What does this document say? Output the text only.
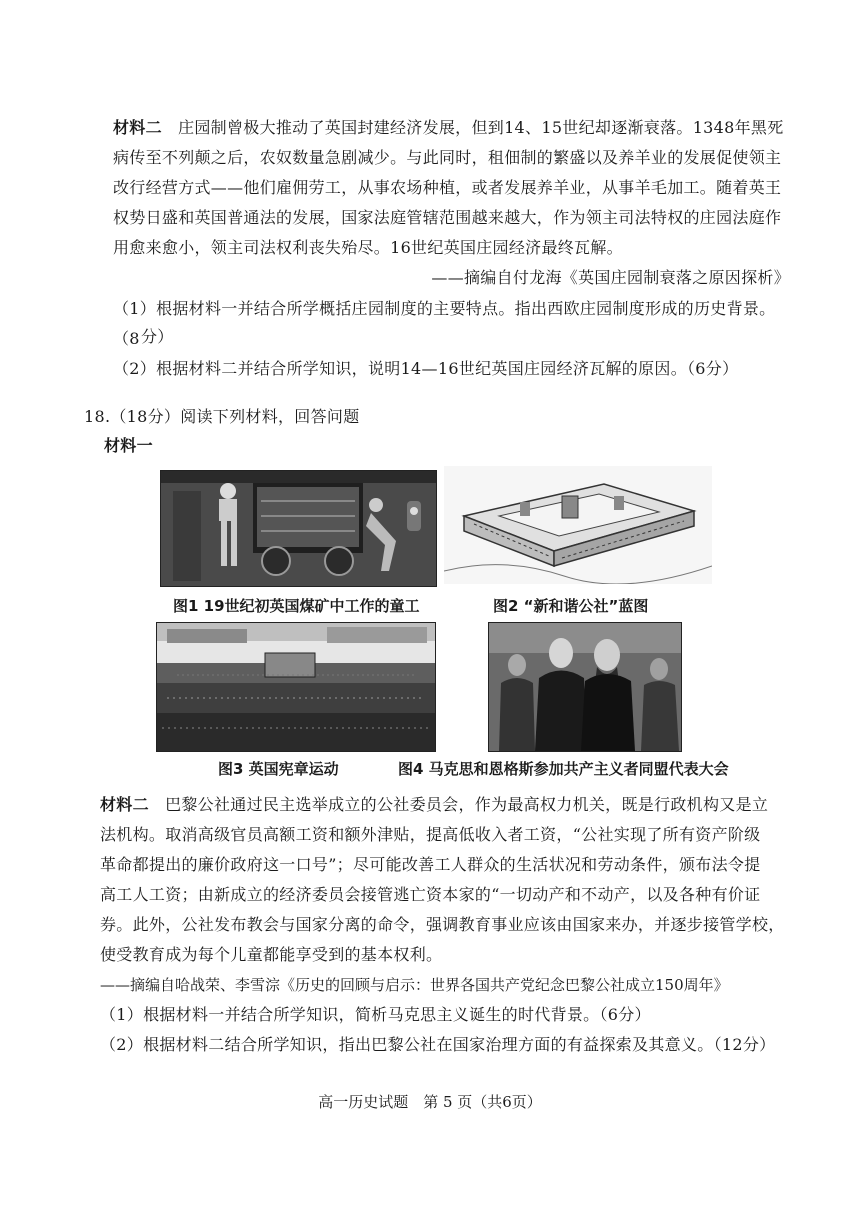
材料二 庄园制曾极大推动了英国封建经济发展，但到14、15世纪却逐渐衰落。1348年黑死
病传至不列颠之后，农奴数量急剧减少。与此同时，租佃制的繁盛以及养羊业的发展促使领主
改行经营方式——他们雇佣劳工，从事农场种植，或者发展养羊业，从事羊毛加工。随着英王
权势日盛和英国普通法的发展，国家法庭管辖范围越来越大，作为领主司法特权的庄园法庭作
用愈来愈小，领主司法权利丧失殆尽。16世纪英国庄园经济最终瓦解。
——摘编自付龙海《英国庄园制衰落之原因探析》
（1）根据材料一并结合所学概括庄园制度的主要特点。指出西欧庄园制度形成的历史背景。（8 分）
（2）根据材料二并结合所学知识，说明14—16世纪英国庄园经济瓦解的原因。（6分）
18.（18分）阅读下列材料，回答问题
材料一
图1 19世纪初英国煤矿中工作的童工	图2 “新和谐公社”蓝图
图3 英国宪章运动	图4 马克思和恩格斯参加共产主义者同盟代表大会
材料二 巴黎公社通过民主选举成立的公社委员会，作为最高权力机关，既是行政机构又是立
法机构。取消高级官员高额工资和额外津贴，提高低收入者工资，“公社实现了所有资产阶级
革命都提出的廉价政府这一口号”；尽可能改善工人群众的生活状况和劳动条件，颁布法令提
高工人工资；由新成立的经济委员会接管逃亡资本家的“一切动产和不动产，以及各种有价证
券。此外，公社发布教会与国家分离的命令，强调教育事业应该由国家来办，并逐步接管学校，
使受教育成为每个儿童都能享受到的基本权利。
——摘编自哈战荣、李雪淙《历史的回顾与启示：世界各国共产党纪念巴黎公社成立150周年》
（1）根据材料一并结合所学知识，简析马克思主义诞生的时代背景。（6分）
（2）根据材料二结合所学知识，指出巴黎公社在国家治理方面的有益探索及其意义。（12分）
高一历史试题　第 5 页（共6页）
